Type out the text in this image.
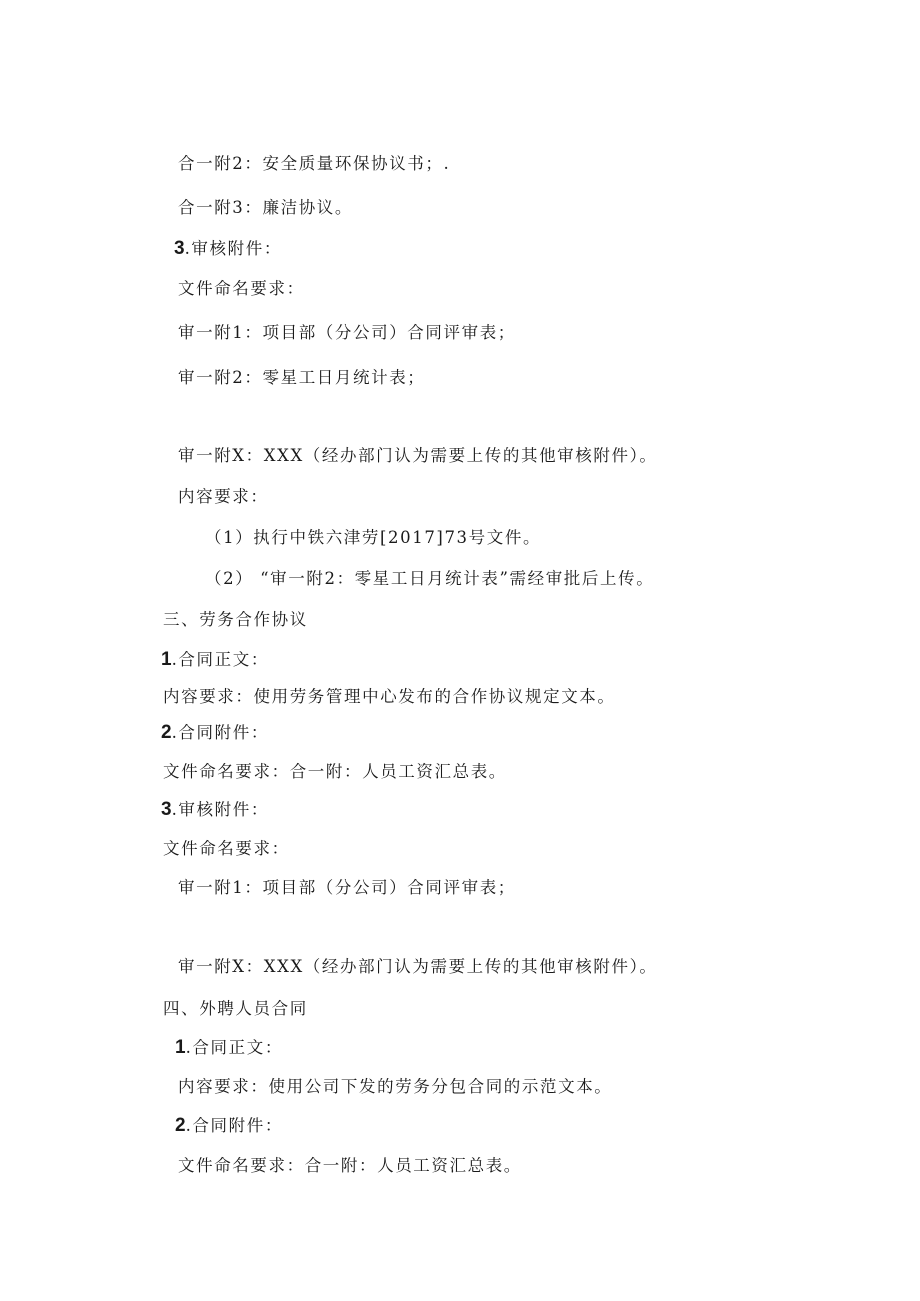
合一附2：安全质量环保协议书；.
合一附3：廉洁协议。
3.审核附件：
文件命名要求：
审一附1：项目部（分公司）合同评审表；
审一附2：零星工日月统计表；
审一附X：XXX（经办部门认为需要上传的其他审核附件）。
内容要求：
（1）执行中铁六津劳[2017]73号文件。
（2） “审一附2：零星工日月统计表”需经审批后上传。
三、劳务合作协议
1.合同正文：
内容要求：使用劳务管理中心发布的合作协议规定文本。
2.合同附件：
文件命名要求：合一附：人员工资汇总表。
3.审核附件：
文件命名要求：
审一附1：项目部（分公司）合同评审表；
审一附X：XXX（经办部门认为需要上传的其他审核附件）。
四、外聘人员合同
1.合同正文：
内容要求：使用公司下发的劳务分包合同的示范文本。
2.合同附件：
文件命名要求：合一附：人员工资汇总表。
